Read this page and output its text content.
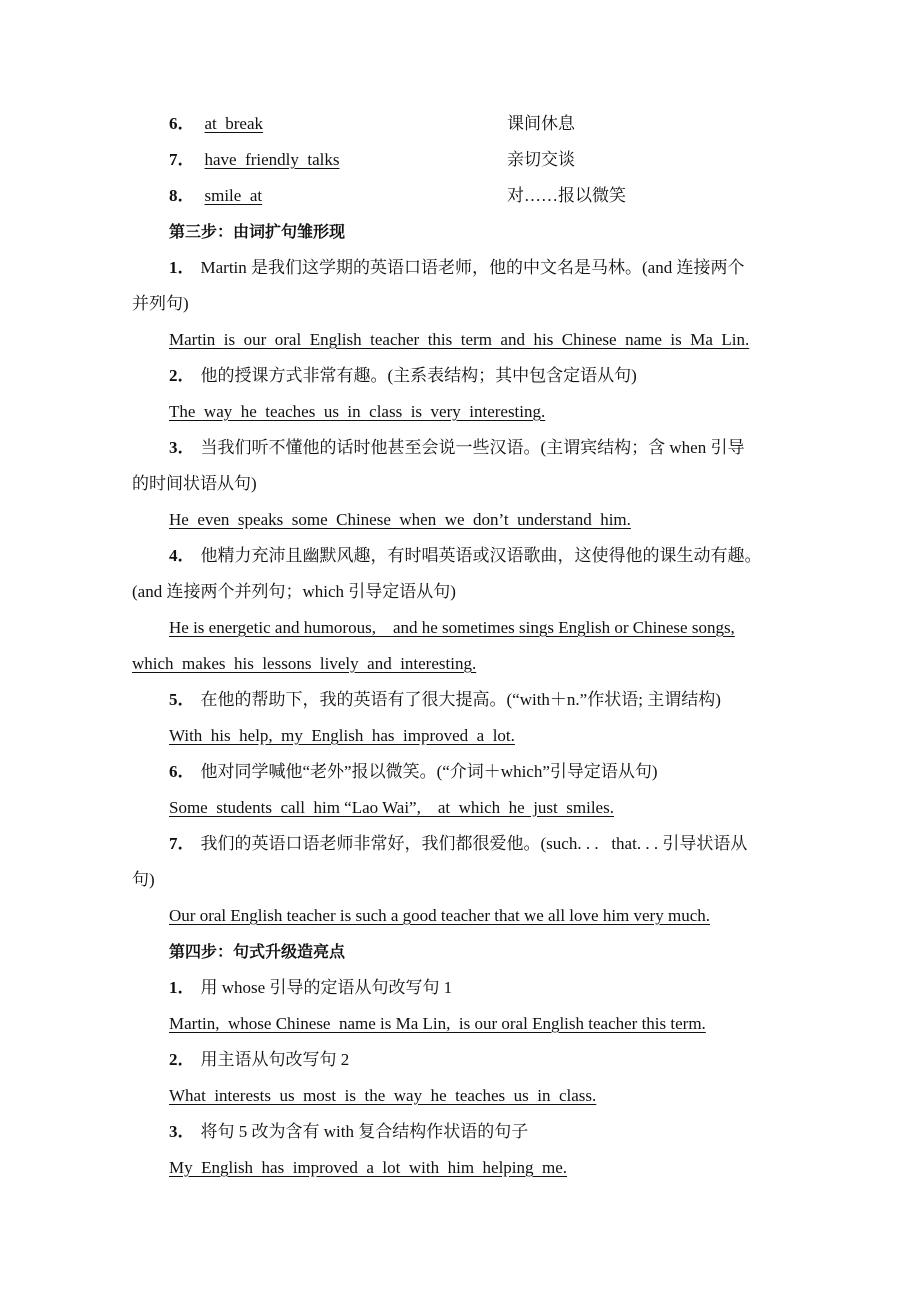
6． at  break	课间休息
7． have  friendly  talks	亲切交谈
8． smile  at	对……报以微笑
第三步：由词扩句雏形现
1． Martin 是我们这学期的英语口语老师，他的中文名是马林。(and 连接两个
并列句)
Martin  is  our  oral  English  teacher  this  term  and  his  Chinese  name  is  Ma  Lin.
2． 他的授课方式非常有趣。(主系表结构；其中包含定语从句)
The  way  he  teaches  us  in  class  is  very  interesting.
3． 当我们听不懂他的话时他甚至会说一些汉语。(主谓宾结构；含 when 引导
的时间状语从句)
He  even  speaks  some  Chinese  when  we  don’t  understand  him.
4． 他精力充沛且幽默风趣，有时唱英语或汉语歌曲，这使得他的课生动有趣。
(and 连接两个并列句；which 引导定语从句)
He is energetic and humorous,    and he sometimes sings English or Chinese songs,
which  makes  his  lessons  lively  and  interesting.
5． 在他的帮助下，我的英语有了很大提高。(“with＋n.”作状语; 主谓结构)
With  his  help,  my  English  has  improved  a  lot.
6． 他对同学喊他“老外”报以微笑。(“介词＋which”引导定语从句)
Some  students  call  him “Lao Wai”,    at  which  he  just  smiles.
7． 我们的英语口语老师非常好，我们都很爱他。(such. . .   that. . . 引导状语从
句)
Our oral English teacher is such a good teacher that we all love him very much.
第四步：句式升级造亮点
1． 用 whose 引导的定语从句改写句 1
Martin,  whose Chinese  name is Ma Lin,  is our oral English teacher this term.
2． 用主语从句改写句 2
What  interests  us  most  is  the  way  he  teaches  us  in  class.
3． 将句 5 改为含有 with 复合结构作状语的句子
My  English  has  improved  a  lot  with  him  helping  me.
